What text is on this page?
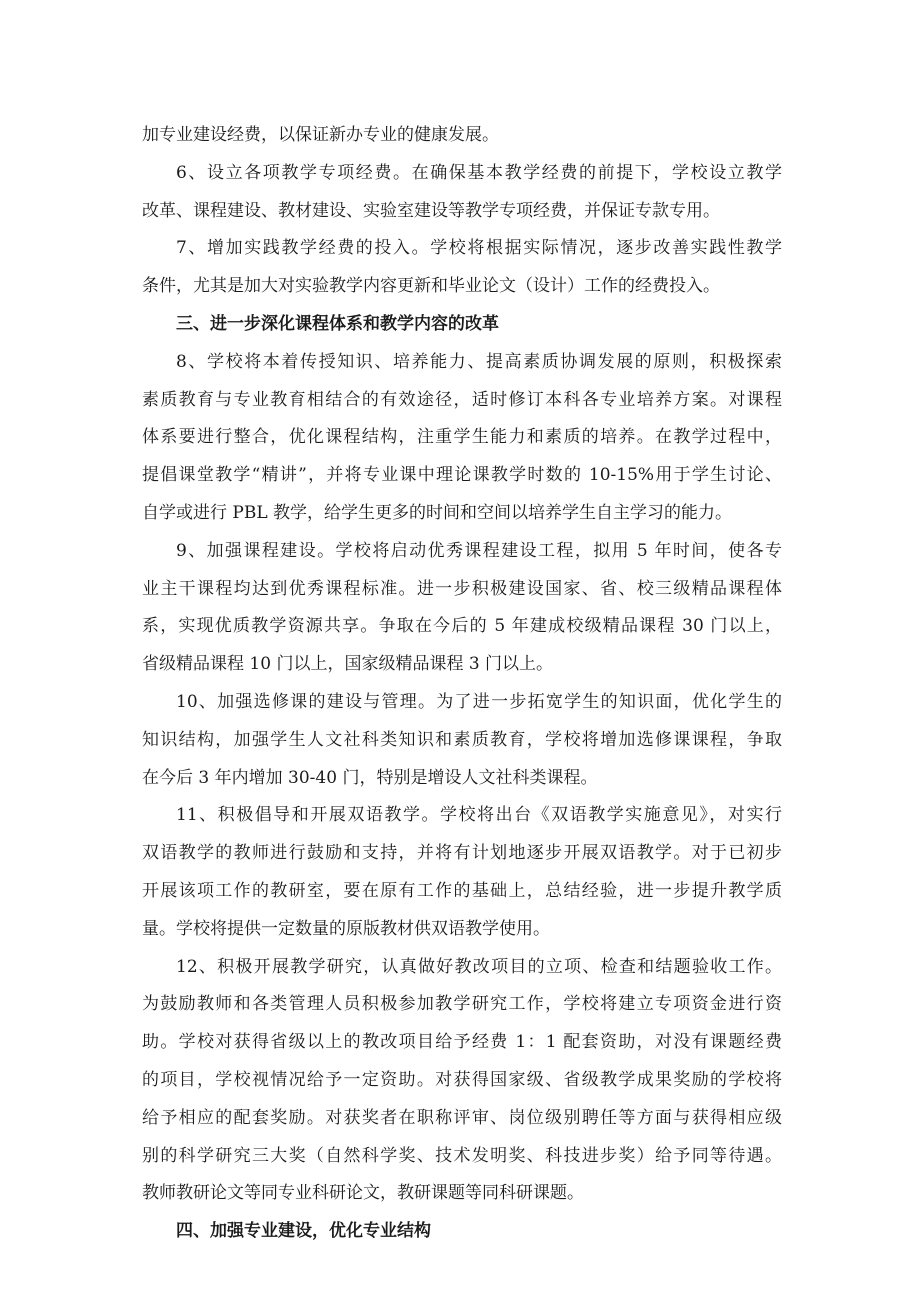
加专业建设经费，以保证新办专业的健康发展。
6、设立各项教学专项经费。在确保基本教学经费的前提下，学校设立教学
改革、课程建设、教材建设、实验室建设等教学专项经费，并保证专款专用。
7、增加实践教学经费的投入。学校将根据实际情况，逐步改善实践性教学
条件，尤其是加大对实验教学内容更新和毕业论文（设计）工作的经费投入。
三、进一步深化课程体系和教学内容的改革
8、学校将本着传授知识、培养能力、提高素质协调发展的原则，积极探索
素质教育与专业教育相结合的有效途径，适时修订本科各专业培养方案。对课程
体系要进行整合，优化课程结构，注重学生能力和素质的培养。在教学过程中，
提倡课堂教学“精讲”，并将专业课中理论课教学时数的 10-15%用于学生讨论、
自学或进行 PBL 教学，给学生更多的时间和空间以培养学生自主学习的能力。
9、加强课程建设。学校将启动优秀课程建设工程，拟用 5 年时间，使各专
业主干课程均达到优秀课程标准。进一步积极建设国家、省、校三级精品课程体
系，实现优质教学资源共享。争取在今后的 5 年建成校级精品课程 30 门以上，
省级精品课程 10 门以上，国家级精品课程 3 门以上。
10、加强选修课的建设与管理。为了进一步拓宽学生的知识面，优化学生的
知识结构，加强学生人文社科类知识和素质教育，学校将增加选修课课程，争取
在今后 3 年内增加 30-40 门，特别是增设人文社科类课程。
11、积极倡导和开展双语教学。学校将出台《双语教学实施意见》，对实行
双语教学的教师进行鼓励和支持，并将有计划地逐步开展双语教学。对于已初步
开展该项工作的教研室，要在原有工作的基础上，总结经验，进一步提升教学质
量。学校将提供一定数量的原版教材供双语教学使用。
12、积极开展教学研究，认真做好教改项目的立项、检查和结题验收工作。
为鼓励教师和各类管理人员积极参加教学研究工作，学校将建立专项资金进行资
助。学校对获得省级以上的教改项目给予经费 1：1 配套资助，对没有课题经费
的项目，学校视情况给予一定资助。对获得国家级、省级教学成果奖励的学校将
给予相应的配套奖励。对获奖者在职称评审、岗位级别聘任等方面与获得相应级
别的科学研究三大奖（自然科学奖、技术发明奖、科技进步奖）给予同等待遇。
教师教研论文等同专业科研论文，教研课题等同科研课题。
四、加强专业建设，优化专业结构
